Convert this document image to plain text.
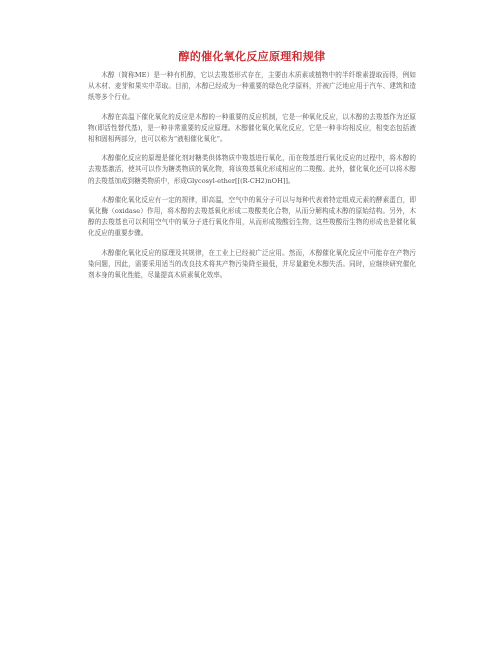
醇的催化氧化反应原理和规律

木醇（简称ME）是一种有机醇，它以去羧基形式存在，主要由木质素或植物中的半纤维素提取而得，例如从木材、麦芽和果实中萃取。目前，木醇已经成为一种重要的绿色化学原料，并被广泛地应用于汽车、建筑和造纸等多个行业。

木醇在高温下催化氧化的反应是木醇的一种重要的反应机制，它是一种氧化反应，以木醇的去羧基作为还原物(即活性替代基)，是一种非常重要的反应原理。木醇催化氧化氧化反应，它是一种非均相反应，相变态包括液相和固相两部分，也可以称为“液相催化氧化”。

木醇催化反应的原理是催化剂对糖类供体物质中羧基进行氧化，而在羧基进行氧化反应的过程中，将木醇的去羧基激活，使其可以作为糖类物质的氧化物，将该羧基氧化形成相应的二羧酸。此外，催化氧化还可以将木醇的去羧基加成到糖类物质中，形成Glycosyl-ether[[(R-CH2)nOH]]。

木醇催化氧化反应有一定的规律，即高温，空气中的氧分子可以与每种代表着特定组成元素的酵素蛋白，即氧化酶（oxidase）作用，将木醇的去羧基氧化形成二羧酸类化合物，从而分解构成木醇的原始结构。另外，木醇的去羧基也可以利用空气中的氧分子进行氧化作用，从而形成羧酸衍生物，这些羧酸衍生物的形成也是催化氧化反应的重要步骤。

木醇催化氧化反应的原理及其规律，在工业上已经被广泛应用。然而，木醇催化氧化反应中可能存在产物污染问题，因此，需要采用适当的改良技术将其产物污染降至最低，并尽量避免木醇失活。同时，应继续研究催化剂本身的氧化性能，尽量提高木质素氧化效率。
